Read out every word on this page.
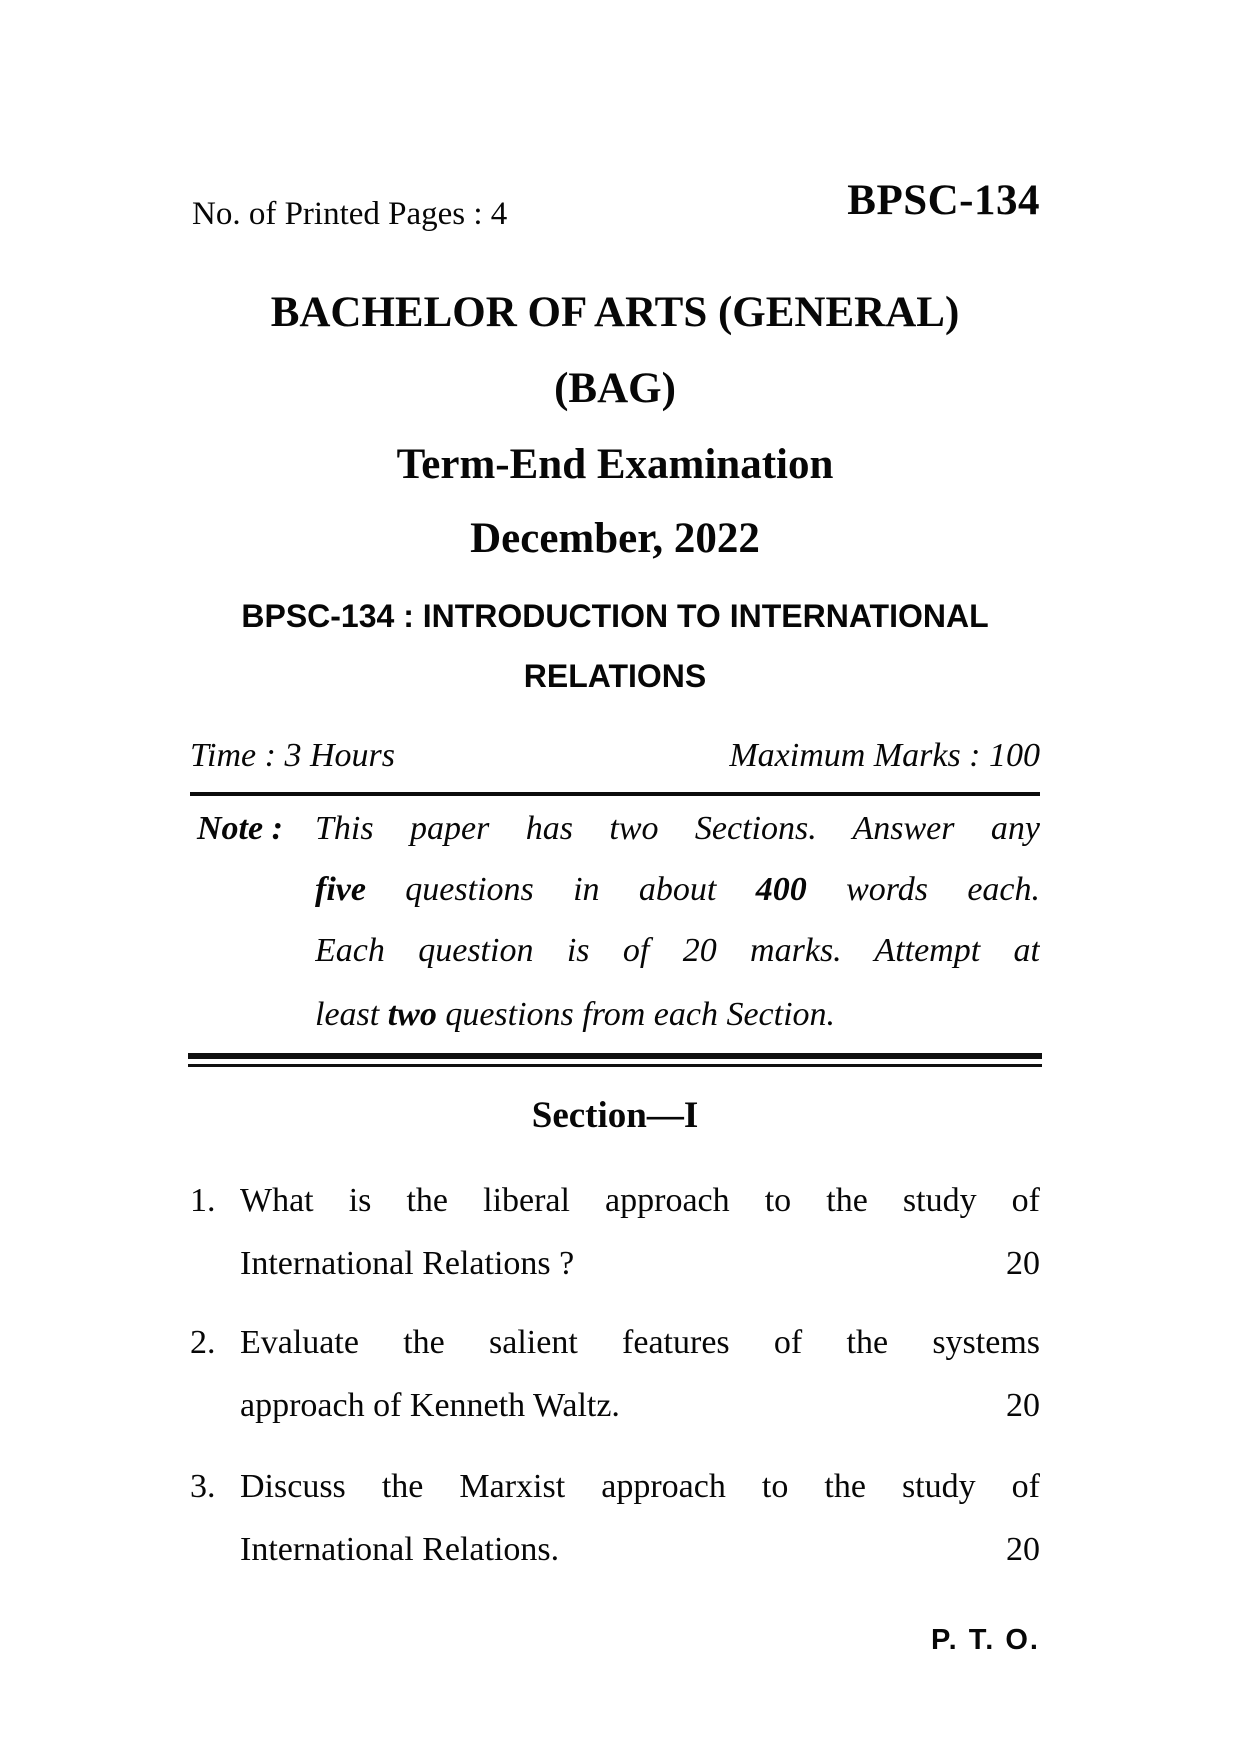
No. of Printed Pages : 4	BPSC-134
BACHELOR OF ARTS (GENERAL)
(BAG)
Term-End Examination
December, 2022
BPSC-134 : INTRODUCTION TO INTERNATIONAL
RELATIONS
Time : 3 Hours	Maximum Marks : 100
Note : This paper has two Sections. Answer any
five questions in about 400 words each.
Each question is of 20 marks. Attempt at
least two questions from each Section.
Section—I
1. What is the liberal approach to the study of
International Relations ?	20
2. Evaluate the salient features of the systems
approach of Kenneth Waltz.	20
3. Discuss the Marxist approach to the study of
International Relations.	20
P. T. O.
